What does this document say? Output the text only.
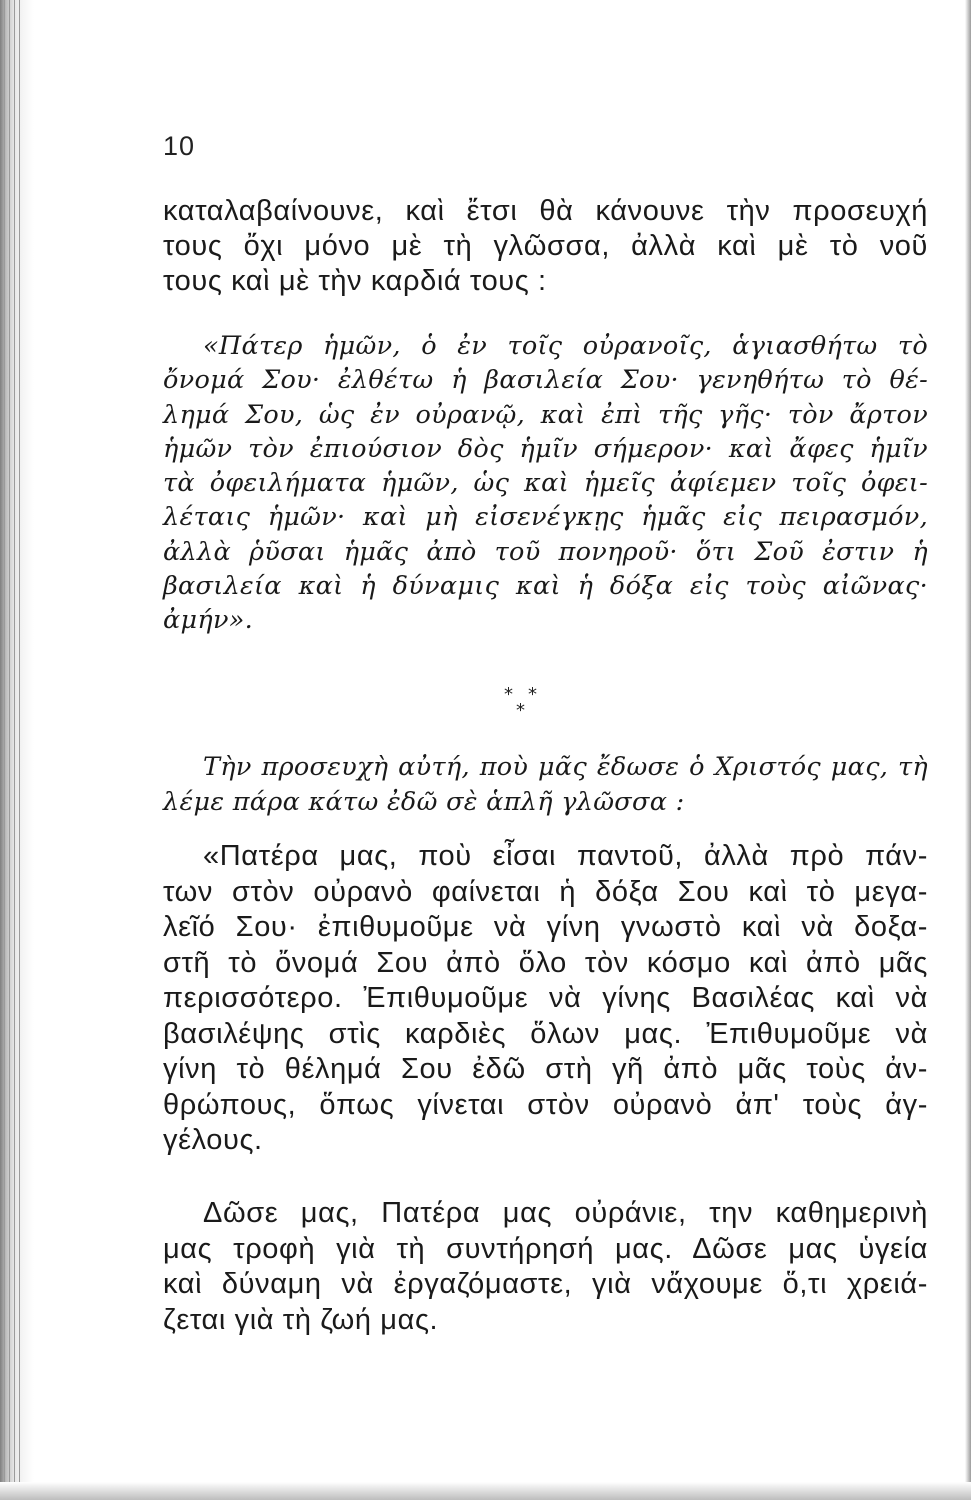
10
καταλαβαίνουνε, καὶ ἔτσι θὰ κάνουνε τὴν προσευχή
τους ὄχι μόνο μὲ τὴ γλῶσσα, ἀλλὰ καὶ μὲ τὸ νοῦ
τους καὶ μὲ τὴν καρδιά τους :
«Πάτερ ἡμῶν, ὁ ἐν τοῖς οὐρανοῖς, ἁγιασθήτω τὸ
ὄνομά Σου· ἐλθέτω ἡ βασιλεία Σου· γενηθήτω τὸ θέ-
λημά Σου, ὡς ἐν οὐρανῷ, καὶ ἐπὶ τῆς γῆς· τὸν ἄρτον
ἡμῶν τὸν ἐπιούσιον δὸς ἡμῖν σήμερον· καὶ ἄφες ἡμῖν
τὰ ὀφειλήματα ἡμῶν, ὡς καὶ ἡμεῖς ἀφίεμεν τοῖς ὀφει-
λέταις ἡμῶν· καὶ μὴ εἰσενέγκῃς ἡμᾶς εἰς πειρασμόν,
ἀλλὰ ῥῦσαι ἡμᾶς ἀπὸ τοῦ πονηροῦ· ὅτι Σοῦ ἐστιν ἡ
βασιλεία καὶ ἡ δύναμις καὶ ἡ δόξα εἰς τοὺς αἰῶνας·
ἀμήν».
* *
*
Τὴν προσευχὴ αὐτή, ποὺ μᾶς ἔδωσε ὁ Χριστός μας, τὴ
λέμε πάρα κάτω ἐδῶ σὲ ἁπλῆ γλῶσσα :
«Πατέρα μας, ποὺ εἶσαι παντοῦ, ἀλλὰ πρὸ πάν-
των στὸν οὐρανὸ φαίνεται ἡ δόξα Σου καὶ τὸ μεγα-
λεῖό Σου· ἐπιθυμοῦμε νὰ γίνη γνωστὸ καὶ νὰ δοξα-
στῆ τὸ ὄνομά Σου ἀπὸ ὅλο τὸν κόσμο καὶ ἀπὸ μᾶς
περισσότερο. Ἐπιθυμοῦμε νὰ γίνης Βασιλέας καὶ νὰ
βασιλέψης στὶς καρδιὲς ὅλων μας. Ἐπιθυμοῦμε νὰ
γίνη τὸ θέλημά Σου ἐδῶ στὴ γῆ ἀπὸ μᾶς τοὺς ἀν-
θρώπους, ὅπως γίνεται στὸν οὐρανὸ ἀπ' τοὺς ἀγ-
γέλους.
Δῶσε μας, Πατέρα μας οὐράνιε, την καθημερινὴ
μας τροφὴ γιὰ τὴ συντήρησή μας. Δῶσε μας ὑγεία
καὶ δύναμη νὰ ἐργαζόμαστε, γιὰ νἄχουμε ὅ,τι χρειά-
ζεται γιὰ τὴ ζωή μας.
